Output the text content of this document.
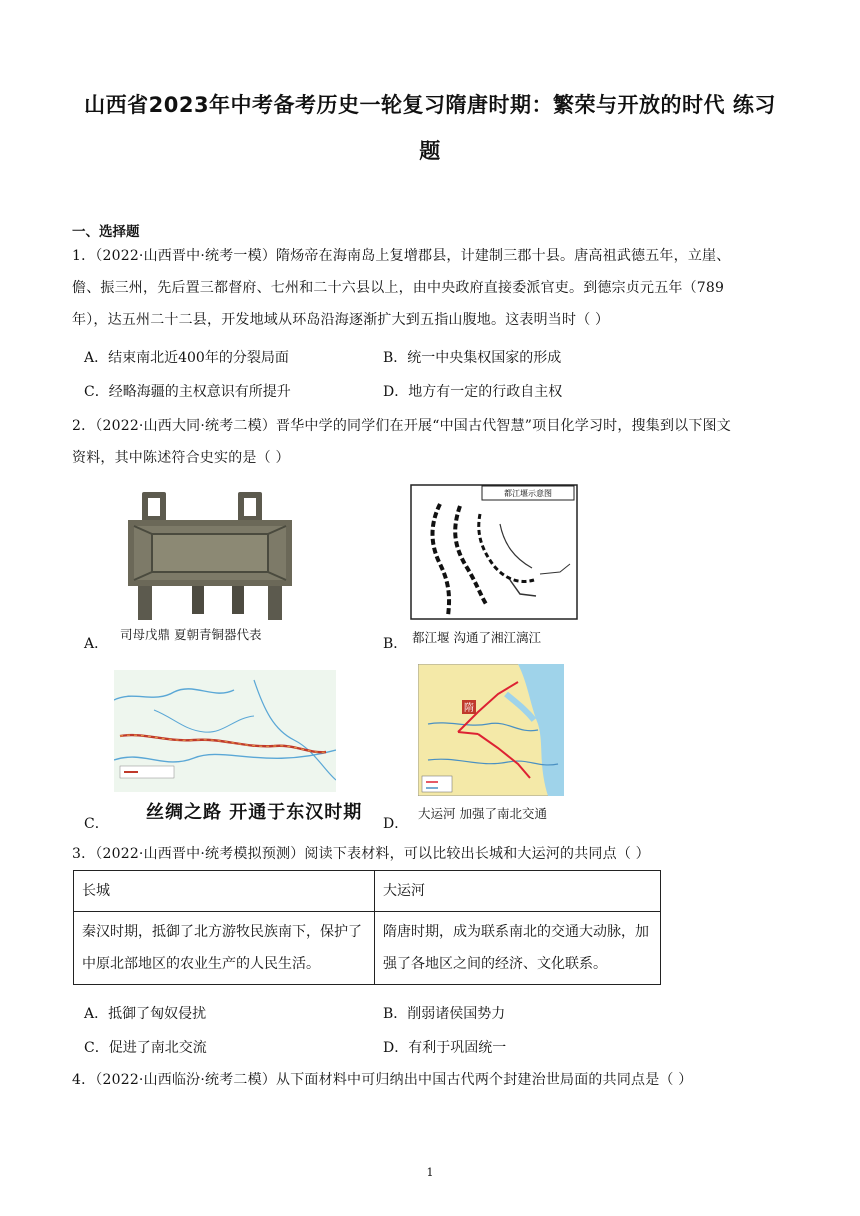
山西省2023年中考备考历史一轮复习隋唐时期：繁荣与开放的时代 练习
题
一、选择题
1．（2022·山西晋中·统考一模）隋炀帝在海南岛上复增郡县，计建制三郡十县。唐高祖武德五年，立崖、
儋、振三州，先后置三都督府、七州和二十六县以上，由中央政府直接委派官吏。到德宗贞元五年（789
年），达五州二十二县，开发地域从环岛沿海逐渐扩大到五指山腹地。这表明当时（ ）
A．结束南北近400年的分裂局面	B．统一中央集权国家的形成
C．经略海疆的主权意识有所提升	D．地方有一定的行政自主权
2．（2022·山西大同·统考二模）晋华中学的同学们在开展“中国古代智慧”项目化学习时，搜集到以下图文
资料，其中陈述符合史实的是（ ）
司母戊鼎 夏朝青铜器代表
A．
都江堰示意图
都江堰 沟通了湘江漓江
B．
丝绸之路 开通于东汉时期
C．
隋
大运河 加强了南北交通
D．
3．（2022·山西晋中·统考模拟预测）阅读下表材料，可以比较出长城和大运河的共同点（ ）
长城	大运河
秦汉时期，抵御了北方游牧民族南下，保护了中原北部地区的农业生产的人民生活。	隋唐时期，成为联系南北的交通大动脉，加强了各地区之间的经济、文化联系。
A．抵御了匈奴侵扰	B．削弱诸侯国势力
C．促进了南北交流	D．有利于巩固统一
4．（2022·山西临汾·统考二模）从下面材料中可归纳出中国古代两个封建治世局面的共同点是（ ）
1
